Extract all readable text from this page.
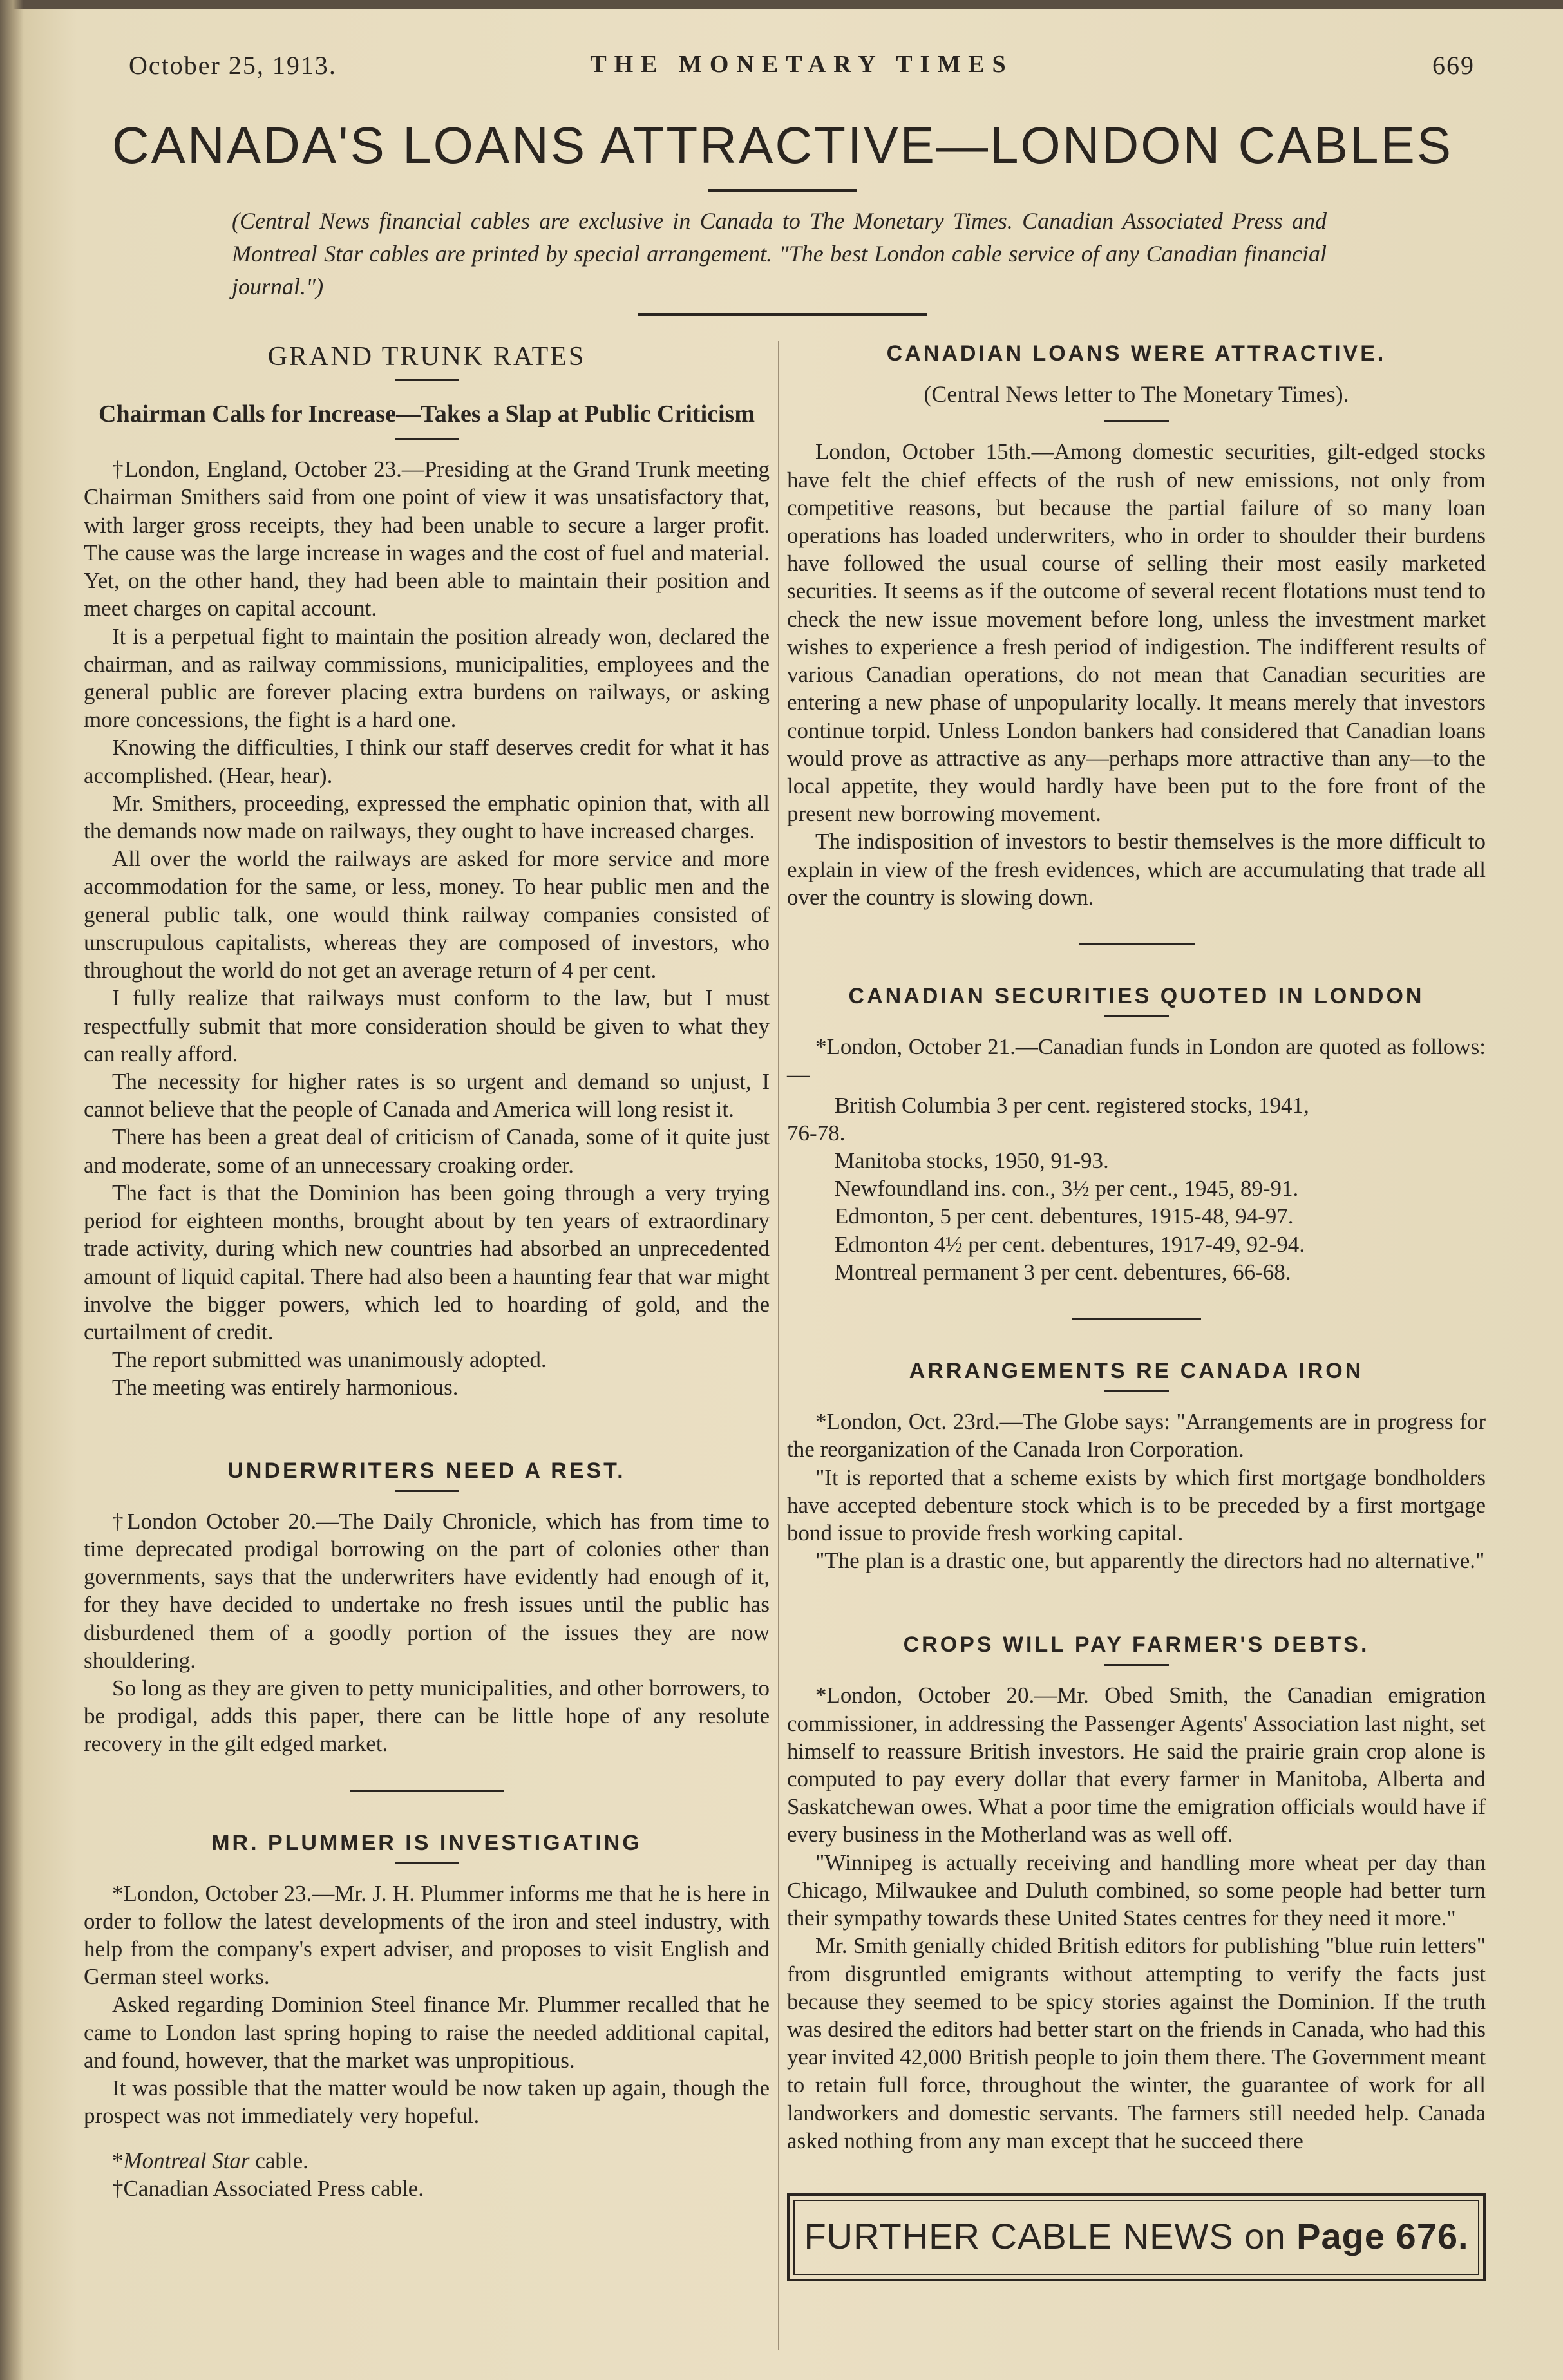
October 25, 1913.	THE MONETARY TIMES	669
CANADA'S LOANS ATTRACTIVE—LONDON CABLES
(Central News financial cables are exclusive in Canada to The Monetary Times. Canadian Associated Press and Montreal Star cables are printed by special arrangement. "The best London cable service of any Canadian financial journal.")
GRAND TRUNK RATES
Chairman Calls for Increase—Takes a Slap at Public Criticism

†London, England, October 23.—Presiding at the Grand Trunk meeting Chairman Smithers said from one point of view it was unsatisfactory that, with larger gross receipts, they had been unable to secure a larger profit. The cause was the large increase in wages and the cost of fuel and material. Yet, on the other hand, they had been able to maintain their position and meet charges on capital account.

It is a perpetual fight to maintain the position already won, declared the chairman, and as railway commissions, municipalities, employees and the general public are forever placing extra burdens on railways, or asking more concessions, the fight is a hard one.

Knowing the difficulties, I think our staff deserves credit for what it has accomplished. (Hear, hear).

Mr. Smithers, proceeding, expressed the emphatic opinion that, with all the demands now made on railways, they ought to have increased charges.

All over the world the railways are asked for more service and more accommodation for the same, or less, money. To hear public men and the general public talk, one would think railway companies consisted of unscrupulous capitalists, whereas they are composed of investors, who throughout the world do not get an average return of 4 per cent.

I fully realize that railways must conform to the law, but I must respectfully submit that more consideration should be given to what they can really afford.

The necessity for higher rates is so urgent and demand so unjust, I cannot believe that the people of Canada and America will long resist it.

There has been a great deal of criticism of Canada, some of it quite just and moderate, some of an unnecessary croaking order.

The fact is that the Dominion has been going through a very trying period for eighteen months, brought about by ten years of extraordinary trade activity, during which new countries had absorbed an unprecedented amount of liquid capital. There had also been a haunting fear that war might involve the bigger powers, which led to hoarding of gold, and the curtailment of credit.

The report submitted was unanimously adopted.

The meeting was entirely harmonious.

UNDERWRITERS NEED A REST.

†London October 20.—The Daily Chronicle, which has from time to time deprecated prodigal borrowing on the part of colonies other than governments, says that the underwriters have evidently had enough of it, for they have decided to undertake no fresh issues until the public has disburdened them of a goodly portion of the issues they are now shouldering.

So long as they are given to petty municipalities, and other borrowers, to be prodigal, adds this paper, there can be little hope of any resolute recovery in the gilt edged market.

MR. PLUMMER IS INVESTIGATING

*London, October 23.—Mr. J. H. Plummer informs me that he is here in order to follow the latest developments of the iron and steel industry, with help from the company's expert adviser, and proposes to visit English and German steel works.

Asked regarding Dominion Steel finance Mr. Plummer recalled that he came to London last spring hoping to raise the needed additional capital, and found, however, that the market was unpropitious.

It was possible that the matter would be now taken up again, though the prospect was not immediately very hopeful.

*Montreal Star cable.
†Canadian Associated Press cable.
CANADIAN LOANS WERE ATTRACTIVE.
(Central News letter to The Monetary Times).

London, October 15th.—Among domestic securities, gilt-edged stocks have felt the chief effects of the rush of new emissions, not only from competitive reasons, but because the partial failure of so many loan operations has loaded underwriters, who in order to shoulder their burdens have followed the usual course of selling their most easily marketed securities. It seems as if the outcome of several recent flotations must tend to check the new issue movement before long, unless the investment market wishes to experience a fresh period of indigestion. The indifferent results of various Canadian operations, do not mean that Canadian securities are entering a new phase of unpopularity locally. It means merely that investors continue torpid. Unless London bankers had considered that Canadian loans would prove as attractive as any—perhaps more attractive than any—to the local appetite, they would hardly have been put to the fore front of the present new borrowing movement.

The indisposition of investors to bestir themselves is the more difficult to explain in view of the fresh evidences, which are accumulating that trade all over the country is slowing down.

CANADIAN SECURITIES QUOTED IN LONDON

*London, October 21.—Canadian funds in London are quoted as follows:—

British Columbia 3 per cent. registered stocks, 1941,
76-78.
Manitoba stocks, 1950, 91-93.
Newfoundland ins. con., 3½ per cent., 1945, 89-91.
Edmonton, 5 per cent. debentures, 1915-48, 94-97.
Edmonton 4½ per cent. debentures, 1917-49, 92-94.
Montreal permanent 3 per cent. debentures, 66-68.
ARRANGEMENTS RE CANADA IRON

*London, Oct. 23rd.—The Globe says: "Arrangements are in progress for the reorganization of the Canada Iron Corporation.

"It is reported that a scheme exists by which first mortgage bondholders have accepted debenture stock which is to be preceded by a first mortgage bond issue to provide fresh working capital.

"The plan is a drastic one, but apparently the directors had no alternative."

CROPS WILL PAY FARMER'S DEBTS.

*London, October 20.—Mr. Obed Smith, the Canadian emigration commissioner, in addressing the Passenger Agents' Association last night, set himself to reassure British investors. He said the prairie grain crop alone is computed to pay every dollar that every farmer in Manitoba, Alberta and Saskatchewan owes. What a poor time the emigration officials would have if every business in the Motherland was as well off.

"Winnipeg is actually receiving and handling more wheat per day than Chicago, Milwaukee and Duluth combined, so some people had better turn their sympathy towards these United States centres for they need it more."

Mr. Smith genially chided British editors for publishing "blue ruin letters" from disgruntled emigrants without attempting to verify the facts just because they seemed to be spicy stories against the Dominion. If the truth was desired the editors had better start on the friends in Canada, who had this year invited 42,000 British people to join them there. The Government meant to retain full force, throughout the winter, the guarantee of work for all landworkers and domestic servants. The farmers still needed help. Canada asked nothing from any man except that he succeed there

FURTHER CABLE NEWS on Page 676.
